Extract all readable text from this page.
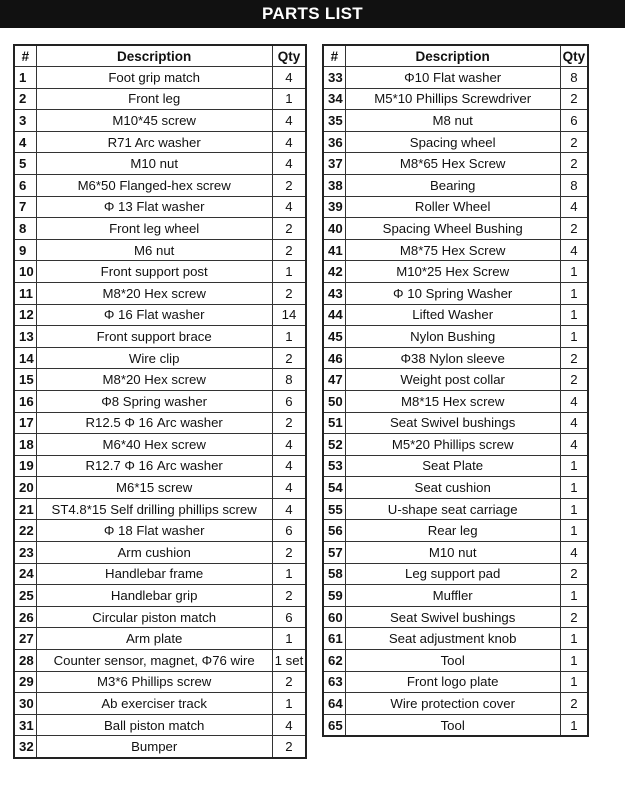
PARTS LIST
#	Description	Qty
1	Foot grip match	4
2	Front leg	1
3	M10*45 screw	4
4	R71 Arc washer	4
5	M10 nut	4
6	M6*50 Flanged-hex screw	2
7	Φ 13 Flat washer	4
8	Front leg wheel	2
9	M6 nut	2
10	Front support post	1
11	M8*20 Hex screw	2
12	Φ 16 Flat washer	14
13	Front support brace	1
14	Wire clip	2
15	M8*20 Hex screw	8
16	Φ8 Spring washer	6
17	R12.5 Φ 16 Arc washer	2
18	M6*40 Hex screw	4
19	R12.7 Φ 16 Arc washer	4
20	M6*15 screw	4
21	ST4.8*15 Self drilling phillips screw	4
22	Φ 18 Flat washer	6
23	Arm cushion	2
24	Handlebar frame	1
25	Handlebar grip	2
26	Circular piston match	6
27	Arm plate	1
28	Counter sensor, magnet, Φ76 wire	1 set
29	M3*6 Phillips screw	2
30	Ab exerciser track	1
31	Ball piston match	4
32	Bumper	2
#	Description	Qty
33	Φ10 Flat washer	8
34	M5*10 Phillips Screwdriver	2
35	M8 nut	6
36	Spacing wheel	2
37	M8*65 Hex Screw	2
38	Bearing	8
39	Roller Wheel	4
40	Spacing Wheel Bushing	2
41	M8*75 Hex Screw	4
42	M10*25 Hex Screw	1
43	Φ 10 Spring Washer	1
44	Lifted Washer	1
45	Nylon Bushing	1
46	Φ38 Nylon sleeve	2
47	Weight post collar	2
50	M8*15 Hex screw	4
51	Seat Swivel bushings	4
52	M5*20 Phillips screw	4
53	Seat Plate	1
54	Seat cushion	1
55	U-shape seat carriage	1
56	Rear leg	1
57	M10 nut	4
58	Leg support pad	2
59	Muffler	1
60	Seat Swivel bushings	2
61	Seat adjustment knob	1
62	Tool	1
63	Front logo plate	1
64	Wire protection cover	2
65	Tool	1
